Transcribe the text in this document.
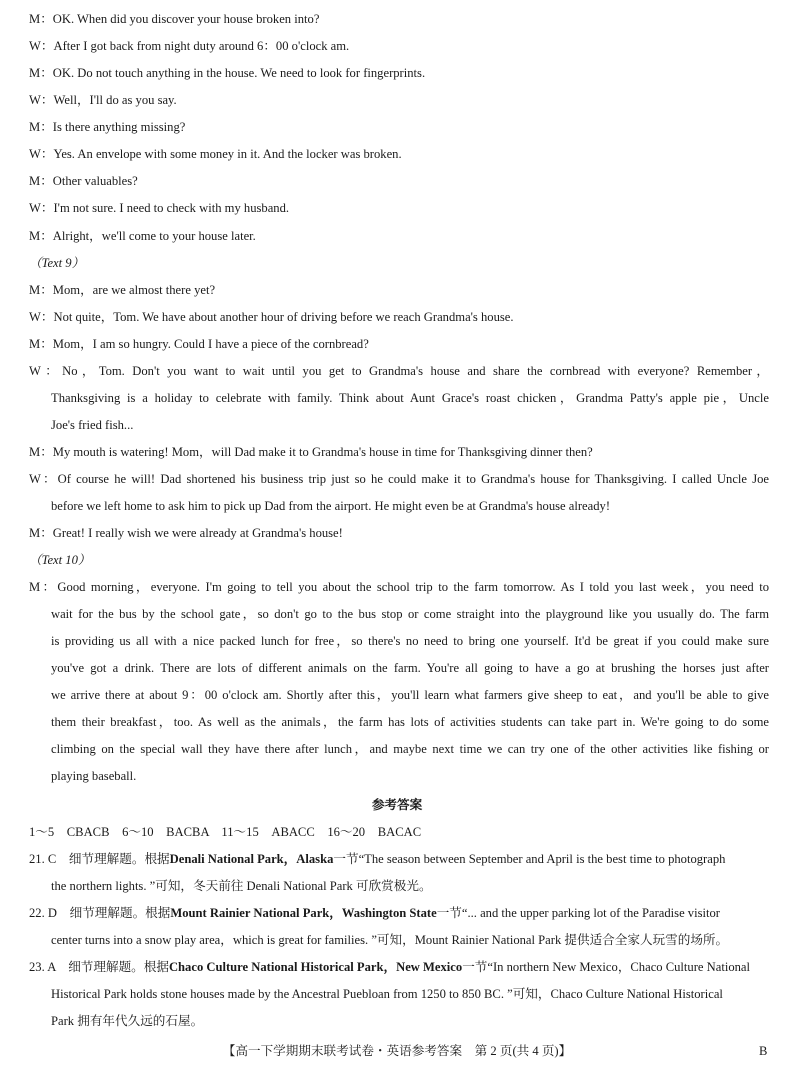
M：OK. When did you discover your house broken into?
W：After I got back from night duty around 6：00 o'clock am.
M：OK. Do not touch anything in the house. We need to look for fingerprints.
W：Well，I'll do as you say.
M：Is there anything missing?
W：Yes. An envelope with some money in it. And the locker was broken.
M：Other valuables?
W：I'm not sure. I need to check with my husband.
M：Alright，we'll come to your house later.
（Text 9）
M：Mom，are we almost there yet?
W：Not quite，Tom. We have about another hour of driving before we reach Grandma's house.
M：Mom，I am so hungry. Could I have a piece of the cornbread?
W：No，Tom. Don't you want to wait until you get to Grandma's house and share the cornbread with everyone? Remember，
Thanksgiving is a holiday to celebrate with family. Think about Aunt Grace's roast chicken，Grandma Patty's apple pie，Uncle
Joe's fried fish...
M：My mouth is watering! Mom，will Dad make it to Grandma's house in time for Thanksgiving dinner then?
W：Of course he will! Dad shortened his business trip just so he could make it to Grandma's house for Thanksgiving. I called Uncle Joe
before we left home to ask him to pick up Dad from the airport. He might even be at Grandma's house already!
M：Great! I really wish we were already at Grandma's house!
（Text 10）
M：Good morning，everyone. I'm going to tell you about the school trip to the farm tomorrow. As I told you last week，you need to
wait for the bus by the school gate，so don't go to the bus stop or come straight into the playground like you usually do. The farm
is providing us all with a nice packed lunch for free，so there's no need to bring one yourself. It'd be great if you could make sure
you've got a drink. There are lots of different animals on the farm. You're all going to have a go at brushing the horses just after
we arrive there at about 9：00 o'clock am. Shortly after this，you'll learn what farmers give sheep to eat，and you'll be able to give
them their breakfast，too. As well as the animals，the farm has lots of activities students can take part in. We're going to do some
climbing on the special wall they have there after lunch，and maybe next time we can try one of the other activities like fishing or
playing baseball.
参考答案
1～5　CBACB　6～10　BACBA　11～15　ABACC　16～20　BACAC
21. C　细节理解题。根据Denali National Park，Alaska一节“The season between September and April is the best time to photograph
the northern lights. ”可知，冬天前往 Denali National Park 可欣赏极光。
22. D　细节理解题。根据Mount Rainier National Park，Washington State一节“... and the upper parking lot of the Paradise visitor
center turns into a snow play area，which is great for families. ”可知，Mount Rainier National Park 提供适合全家人玩雪的场所。
23. A　细节理解题。根据Chaco Culture National Historical Park，New Mexico一节“In northern New Mexico，Chaco Culture National
Historical Park holds stone houses made by the Ancestral Puebloan from 1250 to 850 BC. ”可知，Chaco Culture National Historical
Park 拥有年代久远的石屋。
【高一下学期期末联考试卷・英语参考答案　第 2 页(共 4 页)】	B
